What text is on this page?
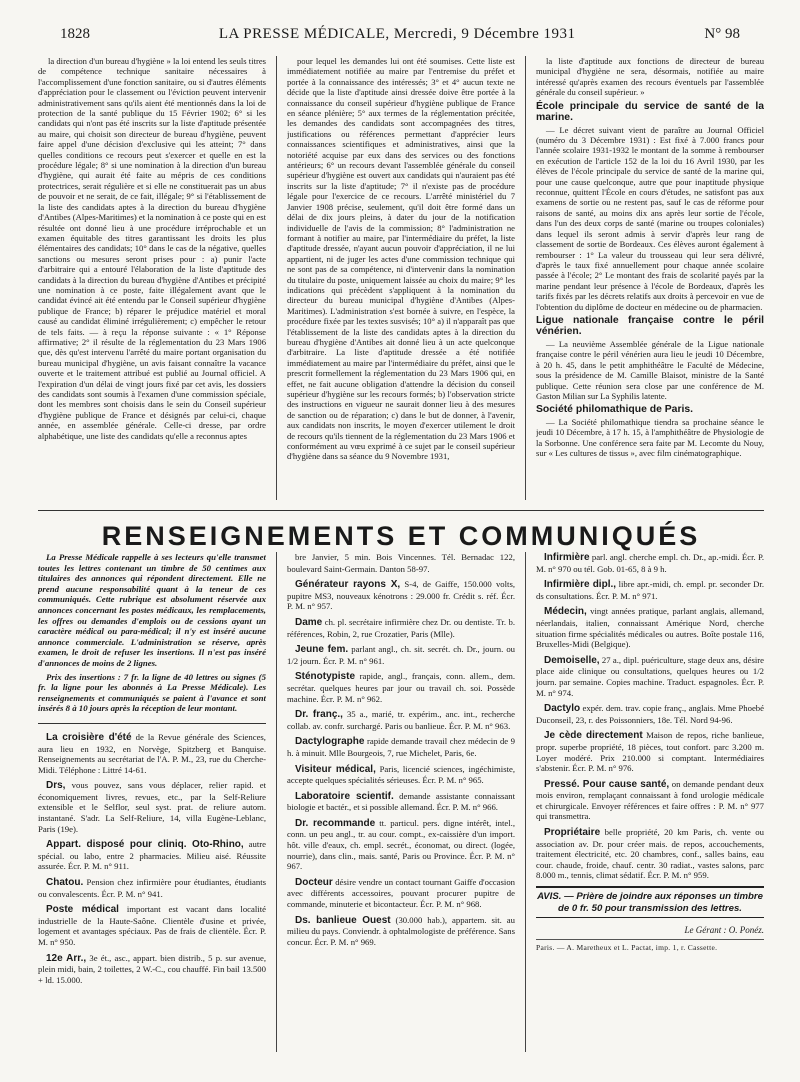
1828	LA PRESSE MÉDICALE, Mercredi, 9 Décembre 1931	N° 98

la direction d'un bureau d'hygiène » la loi entend les seuls titres de compétence technique sanitaire nécessaires à l'accomplissement d'une fonction sanitaire, ou si d'autres éléments d'appréciation pour le classement ou l'éviction peuvent intervenir administrativement sans qu'ils aient été mentionnés dans la loi de protection de la santé publique du 15 Février 1902; 6° si les candidats qui n'ont pas été inscrits sur la liste d'aptitude présentée au maire, qui choisit son directeur de bureau d'hygiène, peuvent faire appel d'une décision d'exclusive qui les atteint; 7° dans quelles conditions ce recours peut s'exercer et quelle en est la procédure légale; 8° si une nomination à la direction d'un bureau d'hygiène, qui aurait été faite au mépris de ces conditions protectrices, serait régulière et si elle ne constituerait pas un abus de pouvoir et ne serait, de ce fait, illégale; 9° si l'établissement de la liste des candidats aptes à la direction du bureau d'hygiène d'Antibes (Alpes-Maritimes) et la nomination à ce poste qui en est résultée ont donné lieu à une procédure irréprochable et un examen équitable des titres garantissant les droits les plus élémentaires des candidats; 10° dans le cas de la négative, quelles sanctions ou mesures seront prises pour : a) punir l'acte d'arbitraire qui a entouré l'élaboration de la liste d'aptitude des candidats à la direction du bureau d'hygiène d'Antibes et précipité une nomination à ce poste, faite illégalement avant que le candidat évincé ait été entendu par le Conseil supérieur d'hygiène publique de France; b) réparer le préjudice matériel et moral causé au candidat éliminé irrégulièrement; c) empêcher le retour de tels faits. — à reçu la réponse suivante : « 1° Réponse affirmative; 2° il résulte de la réglementation du 23 Mars 1906 que, dès qu'est intervenu l'arrêté du maire portant organisation du bureau municipal d'hygiène, un avis faisant connaître la vacance ouverte et le traitement attribué est publié au Journal officiel. A l'expiration d'un délai de vingt jours fixé par cet avis, les dossiers des candidats sont soumis à l'examen d'une commission spéciale, dont les membres sont choisis dans le sein du Conseil supérieur d'hygiène publique de France et désignés par celui-ci, chaque année, en assemblée générale. Celle-ci dresse, par ordre alphabétique, une liste des candidats qu'elle a reconnus aptes

pour lequel les demandes lui ont été soumises. Cette liste est immédiatement notifiée au maire par l'entremise du préfet et portée à la connaissance des intéressés; 3° et 4° aucun texte ne décide que la liste d'aptitude ainsi dressée doive être portée à la connaissance du conseil supérieur d'hygiène publique de France en séance plénière; 5° aux termes de la réglementation précitée, les demandes des candidats sont accompagnées des titres, justifications ou références permettant d'apprécier leurs connaissances scientifiques et administratives, ainsi que la notoriété acquise par eux dans des services ou des fonctions antérieurs; 6° un recours devant l'assemblée générale du conseil supérieur d'hygiène est ouvert aux candidats qui n'auraient pas été inscrits sur la liste d'aptitude; 7° il n'existe pas de procédure légale pour l'exercice de ce recours. L'arrêté ministériel du 7 Janvier 1908 précise, seulement, qu'il doit être formé dans un délai de dix jours pleins, à dater du jour de la notification individuelle de l'avis de la commission; 8° l'administration ne formant à notifier au maire, par l'intermédiaire du préfet, la liste d'aptitude dressée, n'ayant aucun pouvoir d'appréciation, il ne lui appartient, ni de juger les actes d'une commission technique qui ne sont pas de sa compétence, ni d'intervenir dans la nomination du titulaire du poste, uniquement laissée au choix du maire; 9° les indications qui précèdent s'appliquent à la nomination du directeur du bureau municipal d'hygiène d'Antibes (Alpes-Maritimes). L'administration s'est bornée à suivre, en l'espèce, la procédure fixée par les textes susvisés; 10° a) il n'apparaît pas que l'établissement de la liste des candidats aptes à la direction du bureau d'hygiène d'Antibes ait donné lieu à un acte quelconque d'arbitraire. La liste d'aptitude dressée a été notifiée immédiatement au maire par l'intermédiaire du préfet, ainsi que le prescrit formellement la réglementation du 23 Mars 1906 qui, en effet, ne fait aucune obligation d'attendre la décision du conseil supérieur d'hygiène sur les recours formés; b) l'observation stricte des instructions en vigueur ne saurait donner lieu à des mesures de sanction ou de réparation; c) dans le but de donner, à l'avenir, aux candidats non inscrits, le moyen d'exercer utilement le droit de recours qu'ils tiennent de la réglementation du 23 Mars 1906 et conformément au vœu exprimé à ce sujet par le conseil supérieur d'hygiène dans sa séance du 9 Novembre 1931,

la liste d'aptitude aux fonctions de directeur de bureau municipal d'hygiène ne sera, désormais, notifiée au maire intéressé qu'après examen des recours éventuels par l'assemblée générale du conseil supérieur. »

École principale du service de santé de la marine.

— Le décret suivant vient de paraître au Journal Officiel (numéro du 3 Décembre 1931) : Est fixé à 7.000 francs pour l'année scolaire 1931-1932 le montant de la somme à rembourser en exécution de l'article 152 de la loi du 16 Avril 1930, par les élèves de l'école principale du service de santé de la marine qui, pour une cause quelconque, autre que pour inaptitude physique reconnue, quittent l'École en cours d'études, ne satisfont pas aux examens de sortie ou ne restent pas, sauf le cas de réforme pour raisons de santé, au moins dix ans après leur sortie de l'école, dans l'un des deux corps de santé (marine ou troupes coloniales) dans lequel ils seront admis à servir d'après leur rang de classement de sortie de Bordeaux. Ces élèves auront également à rembourser : 1° La valeur du trousseau qui leur sera délivré, d'après le taux fixé annuellement pour chaque année scolaire passée à l'école; 2° Le montant des frais de scolarité payés par la marine pendant leur présence à l'école de Bordeaux, d'après les tarifs fixés par les décrets relatifs aux droits à percevoir en vue de l'obtention du diplôme de docteur en médecine ou de pharmacien.

Ligue nationale française contre le péril vénérien.

— La neuvième Assemblée générale de la Ligue nationale française contre le péril vénérien aura lieu le jeudi 10 Décembre, à 20 h. 45, dans le petit amphithéâtre le Faculté de Médecine, sous la présidence de M. Camille Blaisot, ministre de la Santé publique. Cette réunion sera close par une conférence de M. Gaston Milian sur La Syphilis latente.

Société philomathique de Paris.

— La Société philomathique tiendra sa prochaine séance le jeudi 10 Décembre, à 17 h. 15, à l'amphithéâtre de Physiologie de la Sorbonne. Une conférence sera faite par M. Lecomte du Nouy, sur « Les cultures de tissus », avec film cinématographique.

RENSEIGNEMENTS ET COMMUNIQUÉS

La Presse Médicale rappelle à ses lecteurs qu'elle transmet toutes les lettres contenant un timbre de 50 centimes aux titulaires des annonces qui répondent directement. Elle ne prend aucune responsabilité quant à la teneur de ces communiqués. Cette rubrique est absolument réservée aux annonces concernant les postes médicaux, les remplacements, les offres ou demandes d'emplois ou de cessions ayant un caractère médical ou para-médical; il n'y est inséré aucune annonce commerciale. L'administration se réserve, après examen, le droit de refuser les insertions. Il n'est pas inséré d'annonces de moins de 2 lignes.

Prix des insertions : 7 fr. la ligne de 40 lettres ou signes (5 fr. la ligne pour les abonnés à La Presse Médicale). Les renseignements et communiqués se paient à l'avance et sont insérés 8 à 10 jours après la réception de leur montant.

La croisière d'été de la Revue générale des Sciences, aura lieu en 1932, en Norvège, Spitzberg et Banquise. Renseignements au secrétariat de l'A. P. M., 23, rue du Cherche-Midi. Téléphone : Littré 14-61.

Drs, vous pouvez, sans vous déplacer, relier rapid. et économiquement livres, revues, etc., par la Self-Reliure extensible et le Selflor, seul syst. prat. de reliure autom. instantané. S'adr. La Self-Reliure, 14, villa Eugène-Leblanc, Paris (19e).

Appart. disposé pour cliniq. Oto-Rhino, autre spécial. ou labo, entre 2 pharmacies. Milieu aisé. Réussite assurée. Écr. P. M. n° 911.

Chatou. Pension chez infirmière pour étudiantes, étudiants ou convalescents. Écr. P. M. n° 941.

Poste médical important est vacant dans localité industrielle de la Haute-Saône. Clientèle d'usine et privée, logement et avantages spéciaux. Pas de frais de clientèle. Écr. P. M. n° 950.

12e Arr., 3e ét., asc., appart. bien distrib., 5 p. sur avenue, plein midi, bain, 2 toilettes, 2 W.-C., cou chauffé. Fin bail 13.500 + ld. 15.000.

bre Janvier, 5 min. Bois Vincennes. Tél. Bernadac 122, boulevard Saint-Germain. Danton 58-97.

Générateur rayons X, S-4, de Gaiffe, 150.000 volts, pupitre MS3, nouveaux kénotrons : 29.000 fr. Crédit s. réf. Écr. P. M. n° 957.

Dame ch. pl. secrétaire infirmière chez Dr. ou dentiste. Tr. b. références, Robin, 2, rue Crozatier, Paris (Mlle).

Jeune fem. parlant angl., ch. sit. secrét. ch. Dr., journ. ou 1/2 journ. Écr. P. M. n° 961.

Sténotypiste rapide, angl., français, conn. allem., dem. secrétar. quelques heures par jour ou travail ch. soi. Possède machine. Écr. P. M. n° 962.

Dr. franç., 35 a., marié, tr. expérim., anc. int., recherche collab. av. confr. surchargé. Paris ou banlieue. Écr. P. M. n° 963.

Dactylographe rapide demande travail chez médecin de 9 h. à minuit. Mlle Bourgeois, 7, rue Michelet, Paris, 6e.

Visiteur médical, Paris, licencié sciences, ingéchimiste, accepte quelques spécialités sérieuses. Écr. P. M. n° 965.

Laboratoire scientif. demande assistante connaissant biologie et bactér., et si possible allemand. Écr. P. M. n° 966.

Dr. recommande tt. particul. pers. digne intérêt, intel., conn. un peu angl., tr. au cour. compt., ex-caissière d'un import. hôt. ville d'eaux, ch. empl. secrét., économat, ou direct. (logée, nourrie), dans clin., mais. santé, Paris ou Province. Écr. P. M. n° 967.

Docteur désire vendre un contact tournant Gaiffe d'occasion avec différents accessoires, pouvant procurer pupitre de commande, minuterie et bicontacteur. Écr. P. M. n° 968.

Ds. banlieue Ouest (30.000 hab.), appartem. sit. au milieu du pays. Conviendr. à ophtalmologiste de préférence. Sans concur. Écr. P. M. n° 969.

Infirmière parl. angl. cherche empl. ch. Dr., ap.-midi. Écr. P. M. n° 970 ou tél. Gob. 01-65, 8 à 9 h.

Infirmière dipl., libre apr.-midi, ch. empl. pr. seconder Dr. ds consultations. Écr. P. M. n° 971.

Médecin, vingt années pratique, parlant anglais, allemand, néerlandais, italien, connaissant Amérique Nord, cherche situation firme spécialités médicales ou autres. Boîte postale 116, Bruxelles-Midi (Belgique).

Demoiselle, 27 a., dipl. puériculture, stage deux ans, désire place aide clinique ou consultations, quelques heures ou 1/2 journ. par semaine. Copies machine. Traduct. espagnoles. Écr. P. M. n° 974.

Dactylo expér. dem. trav. copie franç., anglais. Mme Phoebé Duconseil, 23, r. des Poissonniers, 18e. Tél. Nord 94-96.

Je cède directement Maison de repos, riche banlieue, propr. superbe propriété, 18 pièces, tout confort. parc 3.200 m. Loyer modéré. Prix 210.000 si comptant. Intermédiaires s'abstenir. Écr. P. M. n° 976.

Pressé. Pour cause santé, on demande pendant deux mois environ, remplaçant connaissant à fond urologie médicale et chirurgicale. Envoyer références et faire offres : P. M. n° 977 qui transmettra.

Propriétaire belle propriété, 20 km Paris, ch. vente ou association av. Dr. pour créer mais. de repos, accouchements, traitement électricité, etc. 20 chambres, conf., salles bains, eau cour. chaude, froide, chauf. centr. 30 radiat., vastes salons, parc 8.000 m., tennis, climat sédatif. Écr. P. M. n° 959.

AVIS. — Prière de joindre aux réponses un timbre de 0 fr. 50 pour transmission des lettres.
Le Gérant : O. Ponéz.
Paris. — A. Maretheux et L. Pactat, imp. 1, r. Cassette.
